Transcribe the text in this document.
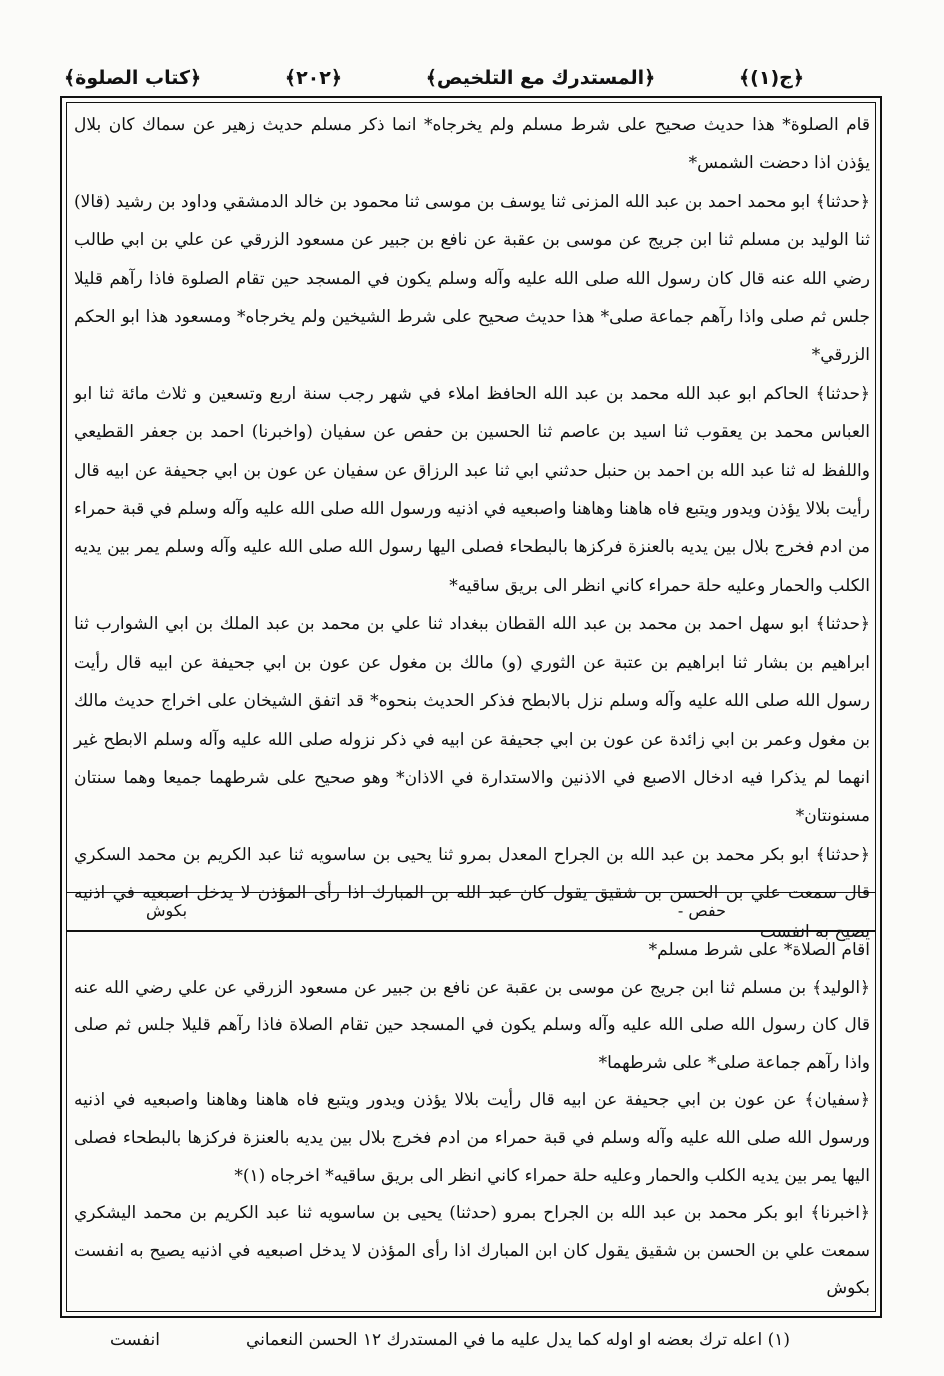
﴿ج(۱)﴾
﴿المستدرك مع التلخيص﴾
﴿۲۰۲﴾
﴿كتاب الصلوة﴾

قام الصلوة* هذا حديث صحيح على شرط مسلم ولم يخرجاه* انما ذكر مسلم حديث زهير عن سماك كان بلال يؤذن اذا دحضت الشمس*

﴿حدثنا﴾ ابو محمد احمد بن عبد الله المزنى ثنا يوسف بن موسى ثنا محمود بن خالد الدمشقي وداود بن رشيد (قالا) ثنا الوليد بن مسلم ثنا ابن جريج عن موسى بن عقبة عن نافع بن جبير عن مسعود الزرقي عن علي بن ابي طالب رضي الله عنه قال كان رسول الله صلى الله عليه وآله وسلم يكون في المسجد حين تقام الصلوة فاذا رآهم قليلا جلس ثم صلى واذا رآهم جماعة صلى* هذا حديث صحيح على شرط الشيخين ولم يخرجاه* ومسعود هذا ابو الحكم الزرقي*

﴿حدثنا﴾ الحاكم ابو عبد الله محمد بن عبد الله الحافظ املاء في شهر رجب سنة اربع وتسعين و ثلاث مائة ثنا ابو العباس محمد بن يعقوب ثنا اسيد بن عاصم ثنا الحسين بن حفص عن سفيان (واخبرنا) احمد بن جعفر القطيعي واللفظ له ثنا عبد الله بن احمد بن حنبل حدثني ابي ثنا عبد الرزاق عن سفيان عن عون بن ابي جحيفة عن ابيه قال رأيت بلالا يؤذن ويدور ويتبع فاه هاهنا وهاهنا واصبعيه في اذنيه ورسول الله صلى الله عليه وآله وسلم في قبة حمراء من ادم فخرج بلال بين يديه بالعنزة فركزها بالبطحاء فصلى اليها رسول الله صلى الله عليه وآله وسلم يمر بين يديه الكلب والحمار وعليه حلة حمراء كاني انظر الى بريق ساقيه*

﴿حدثنا﴾ ابو سهل احمد بن محمد بن عبد الله القطان ببغداد ثنا علي بن محمد بن عبد الملك بن ابي الشوارب ثنا ابراهيم بن بشار ثنا ابراهيم بن عتبة عن الثوري (و) مالك بن مغول عن عون بن ابي جحيفة عن ابيه قال رأيت رسول الله صلى الله عليه وآله وسلم نزل بالابطح فذكر الحديث بنحوه* قد اتفق الشيخان على اخراج حديث مالك بن مغول وعمر بن ابي زائدة عن عون بن ابي جحيفة عن ابيه في ذكر نزوله صلى الله عليه وآله وسلم الابطح غير انهما لم يذكرا فيه ادخال الاصبع في الاذنين والاستدارة في الاذان* وهو صحيح على شرطهما جميعا وهما سنتان مسنونتان*

﴿حدثنا﴾ ابو بكر محمد بن عبد الله بن الجراح المعدل بمرو ثنا يحيى بن ساسويه ثنا عبد الكريم بن محمد السكري قال سمعت علي بن الحسن بن شقيق يقول كان عبد الله بن المبارك اذا رأى المؤذن لا يدخل اصبعيه في اذنيه يصيح به انفست

بكوش	- حفص

اقام الصلاة* على شرط مسلم*

﴿الوليد﴾ بن مسلم ثنا ابن جريج عن موسى بن عقبة عن نافع بن جبير عن مسعود الزرقي عن علي رضي الله عنه قال كان رسول الله صلى الله عليه وآله وسلم يكون في المسجد حين تقام الصلاة فاذا رآهم قليلا جلس ثم صلى واذا رآهم جماعة صلى* على شرطهما*

﴿سفيان﴾ عن عون بن ابي جحيفة عن ابيه قال رأيت بلالا يؤذن ويدور ويتبع فاه هاهنا وهاهنا واصبعيه في اذنيه ورسول الله صلى الله عليه وآله وسلم في قبة حمراء من ادم فخرج بلال بين يديه بالعنزة فركزها بالبطحاء فصلى اليها يمر بين يديه الكلب والحمار وعليه حلة حمراء كاني انظر الى بريق ساقيه* اخرجاه (۱)*

﴿اخبرنا﴾ ابو بكر محمد بن عبد الله بن الجراح بمرو (حدثنا) يحيى بن ساسويه ثنا عبد الكريم بن محمد اليشكري سمعت علي بن الحسن بن شقيق يقول كان ابن المبارك اذا رأى المؤذن لا يدخل اصبعيه في اذنيه يصيح به انفست بكوش

(۱) اعله ترك بعضه او اوله كما يدل عليه ما في المستدرك ۱۲ الحسن النعماني
انفست
